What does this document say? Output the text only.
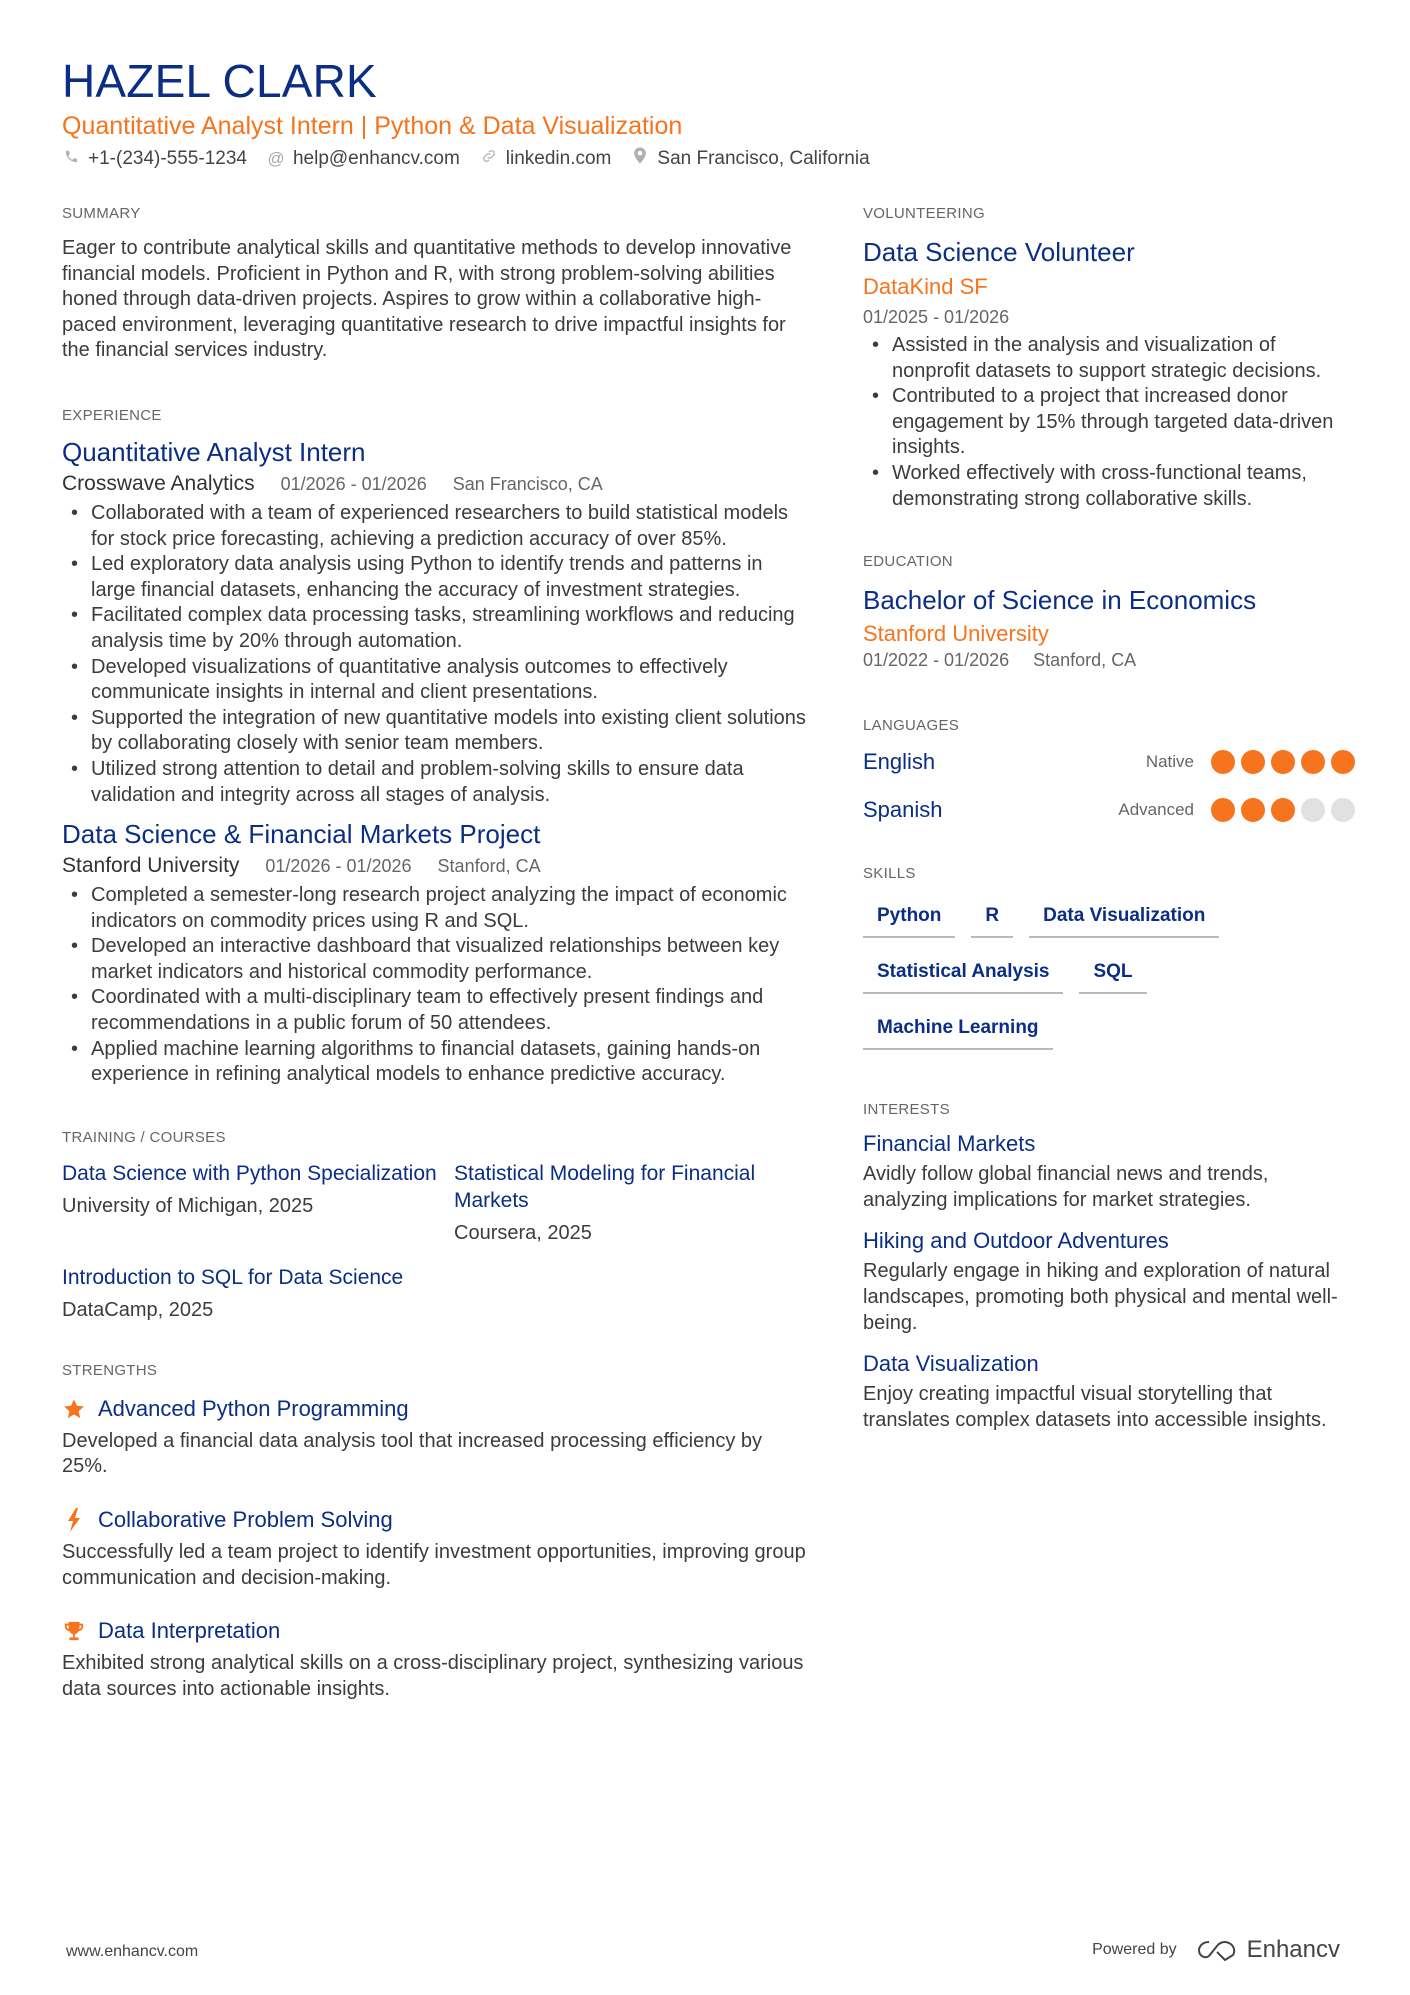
HAZEL CLARK
Quantitative Analyst Intern | Python & Data Visualization
+1-(234)-555-1234 @ help@enhancv.com linkedin.com San Francisco, California
SUMMARY

Eager to contribute analytical skills and quantitative methods to develop innovative financial models. Proficient in Python and R, with strong problem-solving abilities honed through data-driven projects. Aspires to grow within a collaborative high-paced environment, leveraging quantitative research to drive impactful insights for the financial services industry.

EXPERIENCE
Quantitative Analyst Intern
Crosswave Analytics 01/2026 - 01/2026 San Francisco, CA
• Collaborated with a team of experienced researchers to build statistical models for stock price forecasting, achieving a prediction accuracy of over 85%.
• Led exploratory data analysis using Python to identify trends and patterns in large financial datasets, enhancing the accuracy of investment strategies.
• Facilitated complex data processing tasks, streamlining workflows and reducing analysis time by 20% through automation.
• Developed visualizations of quantitative analysis outcomes to effectively communicate insights in internal and client presentations.
• Supported the integration of new quantitative models into existing client solutions by collaborating closely with senior team members.
• Utilized strong attention to detail and problem-solving skills to ensure data validation and integrity across all stages of analysis.
Data Science & Financial Markets Project
Stanford University 01/2026 - 01/2026 Stanford, CA
• Completed a semester-long research project analyzing the impact of economic indicators on commodity prices using R and SQL.
• Developed an interactive dashboard that visualized relationships between key market indicators and historical commodity performance.
• Coordinated with a multi-disciplinary team to effectively present findings and recommendations in a public forum of 50 attendees.
• Applied machine learning algorithms to financial datasets, gaining hands-on experience in refining analytical models to enhance predictive accuracy.
TRAINING / COURSES
Data Science with Python Specialization
University of Michigan, 2025
Statistical Modeling for Financial Markets
Coursera, 2025
Introduction to SQL for Data Science
DataCamp, 2025
STRENGTHS
Advanced Python Programming

Developed a financial data analysis tool that increased processing efficiency by 25%.

Collaborative Problem Solving

Successfully led a team project to identify investment opportunities, improving group communication and decision-making.

Data Interpretation

Exhibited strong analytical skills on a cross-disciplinary project, synthesizing various data sources into actionable insights.

VOLUNTEERING
Data Science Volunteer
DataKind SF
01/2025 - 01/2026
• Assisted in the analysis and visualization of nonprofit datasets to support strategic decisions.
• Contributed to a project that increased donor engagement by 15% through targeted data-driven insights.
• Worked effectively with cross-functional teams, demonstrating strong collaborative skills.
EDUCATION
Bachelor of Science in Economics
Stanford University
01/2022 - 01/2026 Stanford, CA
LANGUAGES
English	Native
Spanish	Advanced
SKILLS
Python	R	Data Visualization
Statistical Analysis	SQL
Machine Learning
INTERESTS
Financial Markets

Avidly follow global financial news and trends, analyzing implications for market strategies.

Hiking and Outdoor Adventures

Regularly engage in hiking and exploration of natural landscapes, promoting both physical and mental well-being.

Data Visualization

Enjoy creating impactful visual storytelling that translates complex datasets into accessible insights.

www.enhancv.com	Powered by	Enhancv
